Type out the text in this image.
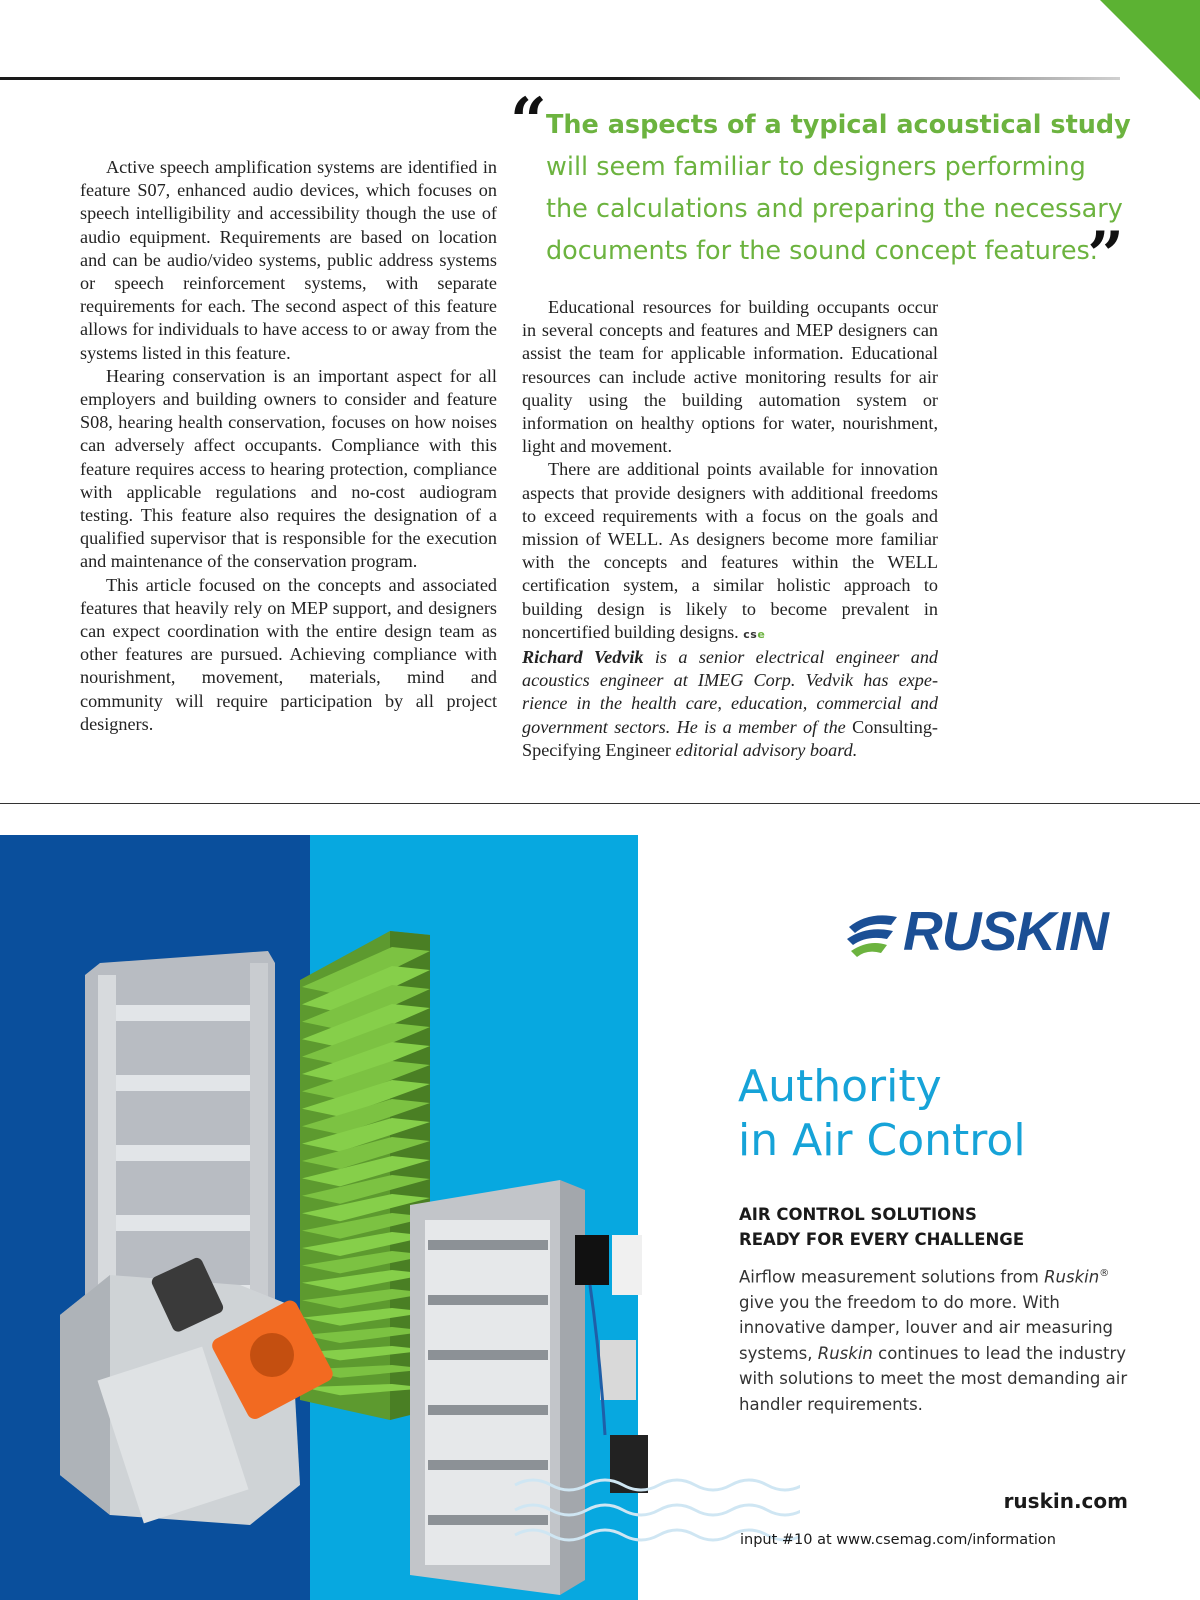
“ The aspects of a typical acoustical study
will seem familiar to designers performing
the calculations and preparing the necessary
documents for the sound concept features.
”

Active speech amplification systems are identified in feature S07, enhanced audio devices, which focuses on speech intelligibility and accessibility though the use of audio equipment. Requirements are based on location and can be audio/video systems, public address systems or speech reinforcement systems, with separate requirements for each. The second aspect of this feature allows for individuals to have access to or away from the systems listed in this feature.

Hearing conservation is an important aspect for all employers and building owners to consider and feature S08, hearing health conservation, focuses on how noises can adversely affect occupants. Compliance with this feature requires access to hearing protection, compliance with applicable regulations and no-cost audiogram testing. This feature also requires the designation of a qualified supervisor that is responsible for the execution and maintenance of the conservation program.

This article focused on the concepts and associated features that heavily rely on MEP support, and designers can expect coordination with the entire design team as other features are pursued. Achieving compliance with nourishment, movement, materials, mind and community will require participation by all project designers.

Educational resources for building occupants occur in several concepts and features and MEP designers can assist the team for applicable information. Educational resources can include active monitoring results for air quality using the building automation system or information on healthy options for water, nourishment, light and movement.

There are additional points available for innovation aspects that provide designers with additional freedoms to exceed requirements with a focus on the goals and mission of WELL. As designers become more familiar with the concepts and features within the WELL certification system, a similar holistic approach to building design is likely to become prevalent in noncertified building designs. cse

Richard Vedvik is a senior electrical engineer and acoustics engineer at IMEG Corp. Vedvik has experience in the health care, education, commercial and government sectors. He is a member of the Consulting-Specifying Engineer editorial advisory board.

RUSKIN
Authority
in Air Control
AIR CONTROL SOLUTIONS
READY FOR EVERY CHALLENGE
Airflow measurement solutions from Ruskin® give you the freedom to do more. With innovative damper, louver and air measuring systems, Ruskin continues to lead the industry with solutions to meet the most demanding air handler requirements.
ruskin.com
input #10 at www.csemag.com/information
